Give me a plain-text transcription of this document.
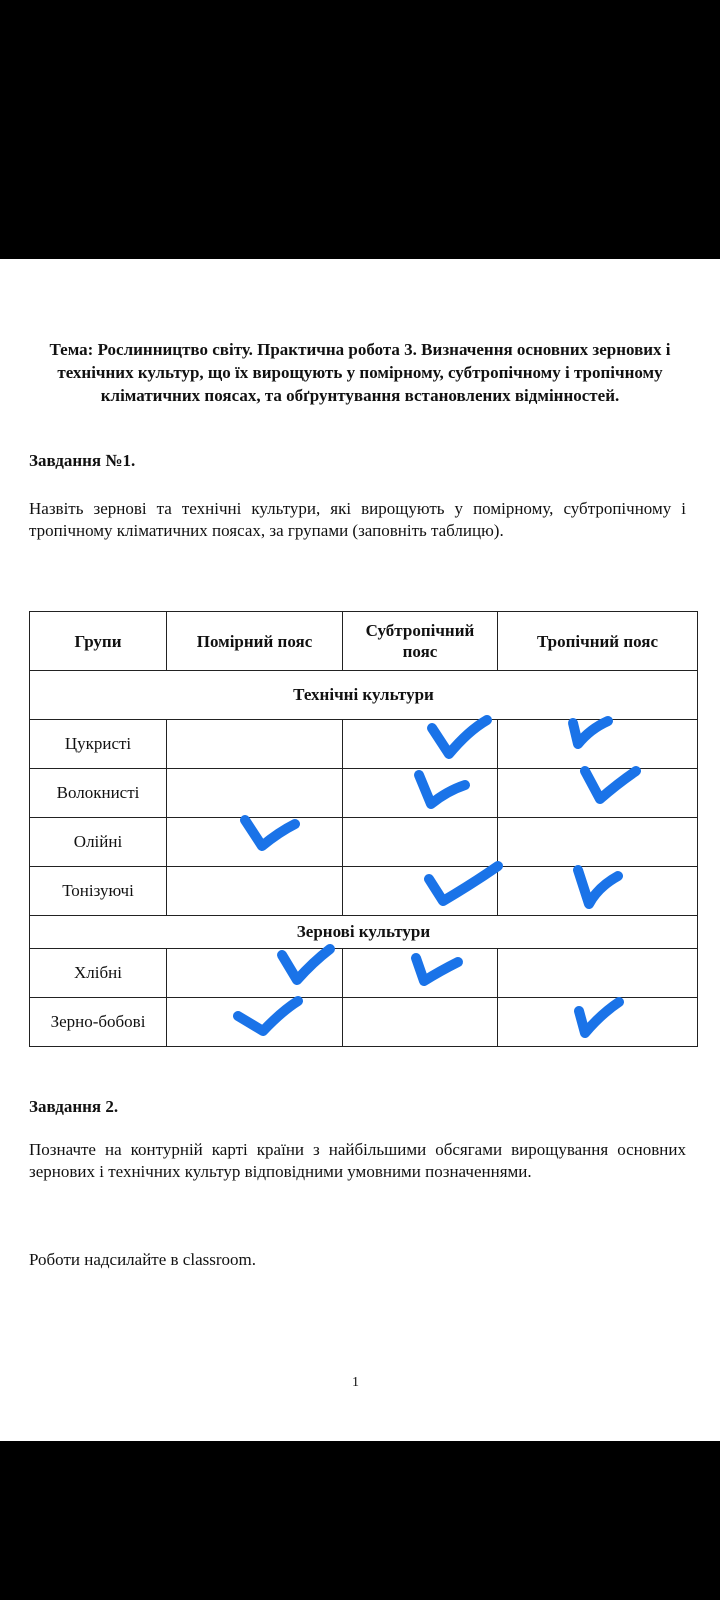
Тема: Рослинництво світу. Практична робота 3. Визначення основних зернових і технічних культур, що їх вирощують у помірному, субтропічному і тропічному кліматичних поясах, та обґрунтування встановлених відмінностей.
Завдання №1.
Назвіть зернові та технічні культури, які вирощують у помірному, субтропічному і тропічному кліматичних поясах, за групами (заповніть таблицю).
Групи	Помірний пояс	Субтропічний пояс	Тропічний пояс
Технічні культури			
Цукристі			
Волокнисті			
Олійні			
Тонізуючі			
Зернові культури			
Хлібні			
Зерно-бобові			
Завдання 2.
Позначте на контурній карті країни з найбільшими обсягами вирощування основних зернових і технічних культур відповідними умовними позначеннями.
Роботи надсилайте в classroom.
1
